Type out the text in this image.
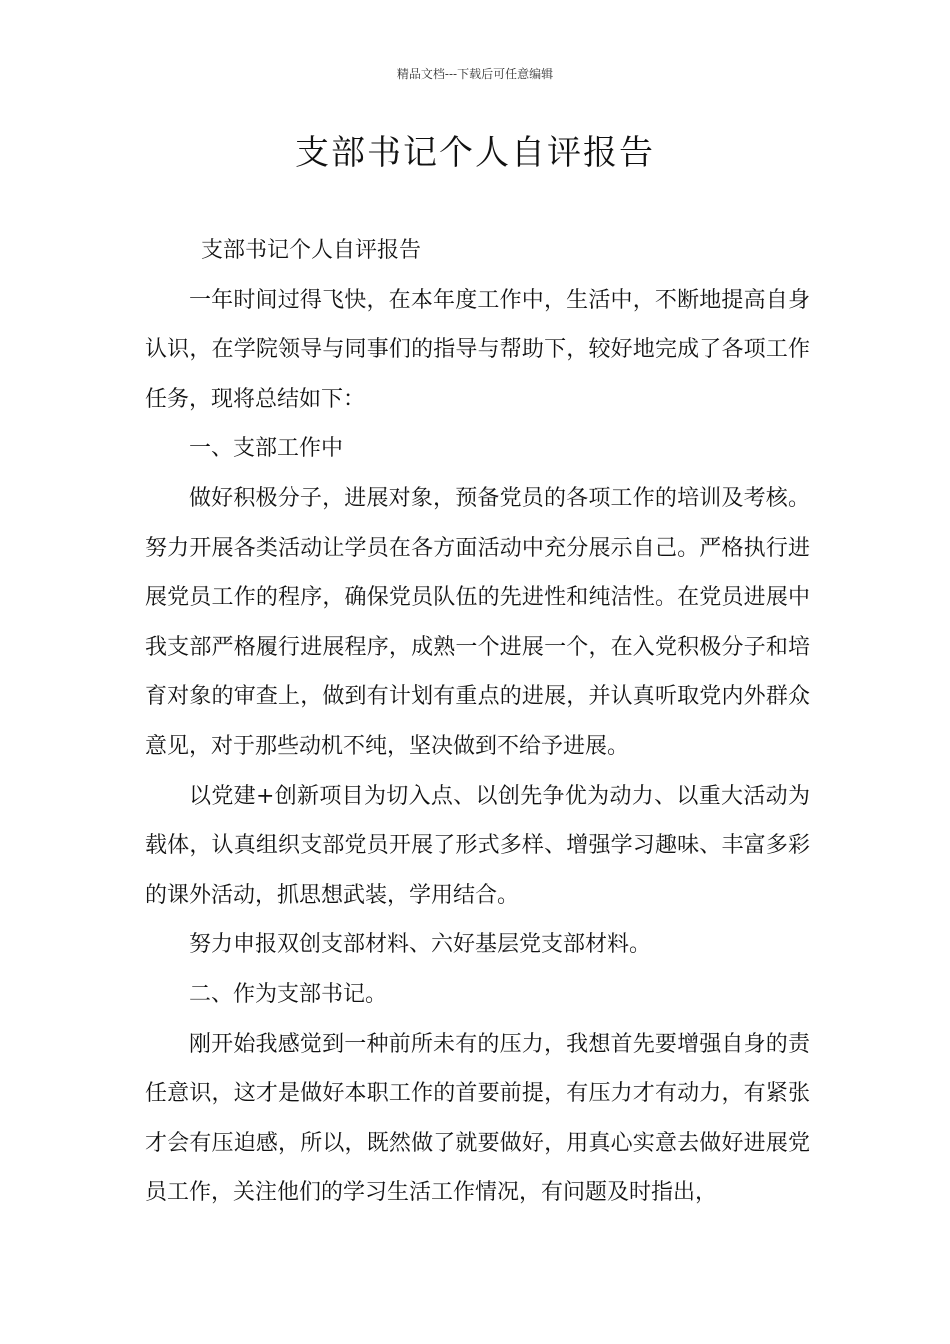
精品文档---下载后可任意编辑
支部书记个人自评报告

支部书记个人自评报告

一年时间过得飞快，在本年度工作中，生活中，不断地提高自身认识，在学院领导与同事们的指导与帮助下，较好地完成了各项工作任务，现将总结如下：

一、支部工作中

做好积极分子，进展对象，预备党员的各项工作的培训及考核。努力开展各类活动让学员在各方面活动中充分展示自己。严格执行进展党员工作的程序，确保党员队伍的先进性和纯洁性。在党员进展中我支部严格履行进展程序，成熟一个进展一个，在入党积极分子和培育对象的审查上，做到有计划有重点的进展，并认真听取党内外群众意见，对于那些动机不纯，坚决做到不给予进展。

以党建+创新项目为切入点、以创先争优为动力、以重大活动为载体，认真组织支部党员开展了形式多样、增强学习趣味、丰富多彩的课外活动，抓思想武装，学用结合。

努力申报双创支部材料、六好基层党支部材料。

二、作为支部书记。

刚开始我感觉到一种前所未有的压力，我想首先要增强自身的责任意识，这才是做好本职工作的首要前提，有压力才有动力，有紧张才会有压迫感，所以，既然做了就要做好，用真心实意去做好进展党员工作，关注他们的学习生活工作情况，有问题及时指出，
